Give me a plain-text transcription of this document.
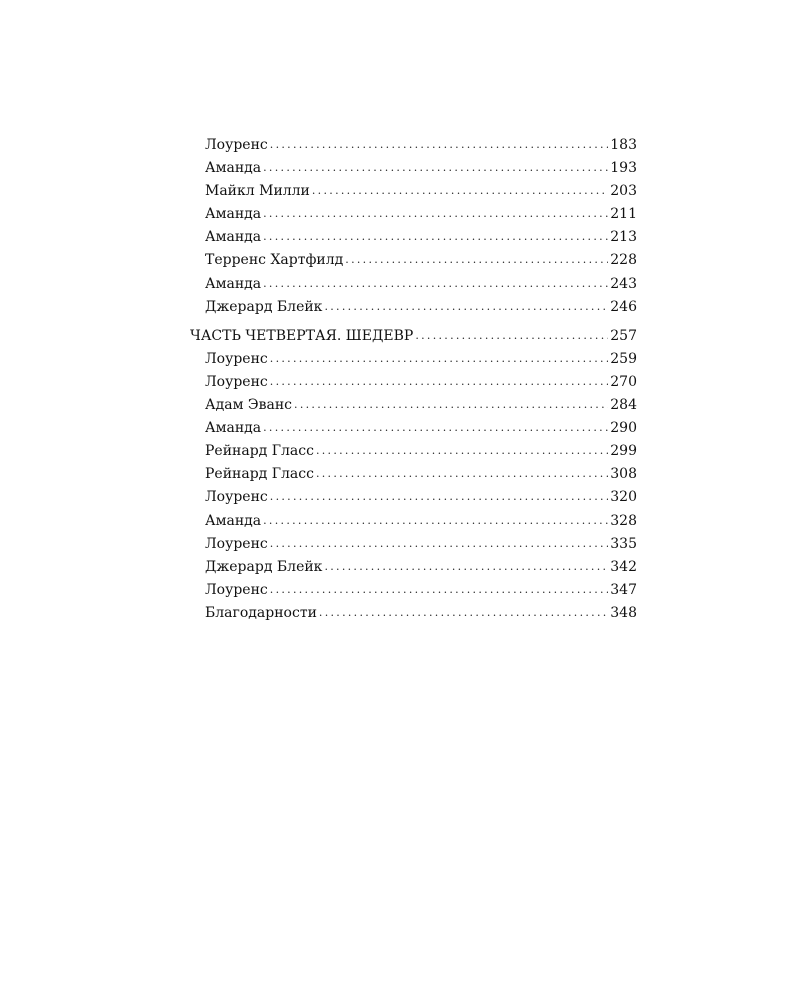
Лоуренс . . .	183
Аманда . . .	193
Майкл Милли . . .	203
Аманда . . .	211
Аманда . . .	213
Терренс Хартфилд . . .	228
Аманда . . .	243
Джерард Блейк . . .	246
ЧАСТЬ ЧЕТВЕРТАЯ. ШЕДЕВР . . .	257
Лоуренс . . .	259
Лоуренс . . .	270
Адам Эванс . . .	284
Аманда . . .	290
Рейнард Гласс . . .	299
Рейнард Гласс . . .	308
Лоуренс . . .	320
Аманда . . .	328
Лоуренс . . .	335
Джерард Блейк . . .	342
Лоуренс . . .	347
Благодарности . . .	348
